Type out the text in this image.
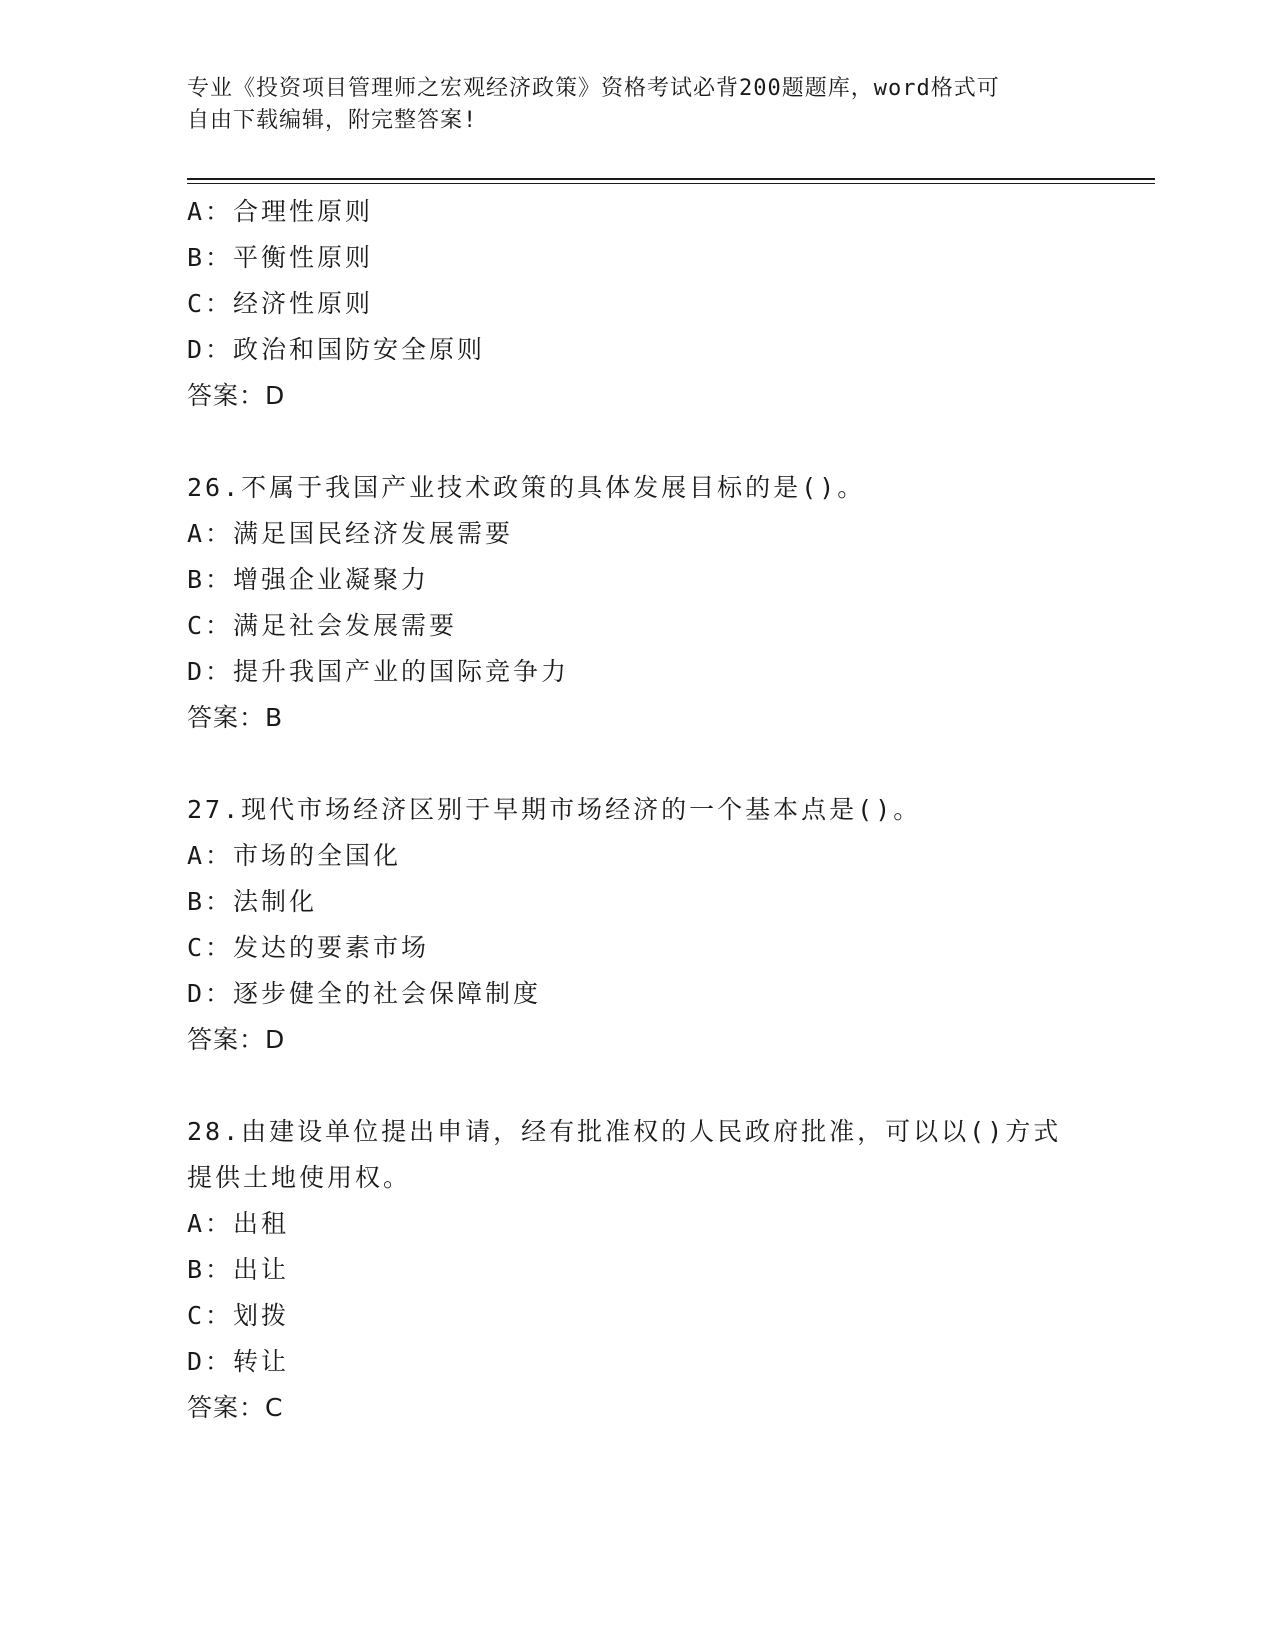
专业《投资项目管理师之宏观经济政策》资格考试必背200题题库，word格式可
自由下载编辑，附完整答案!
A：合理性原则
B：平衡性原则
C：经济性原则
D：政治和国防安全原则
答案：D
26.不属于我国产业技术政策的具体发展目标的是()。
A：满足国民经济发展需要
B：增强企业凝聚力
C：满足社会发展需要
D：提升我国产业的国际竞争力
答案：B
27.现代市场经济区别于早期市场经济的一个基本点是()。
A：市场的全国化
B：法制化
C：发达的要素市场
D：逐步健全的社会保障制度
答案：D
28.由建设单位提出申请，经有批准权的人民政府批准，可以以()方式
提供土地使用权。
A：出租
B：出让
C：划拨
D：转让
答案：C
